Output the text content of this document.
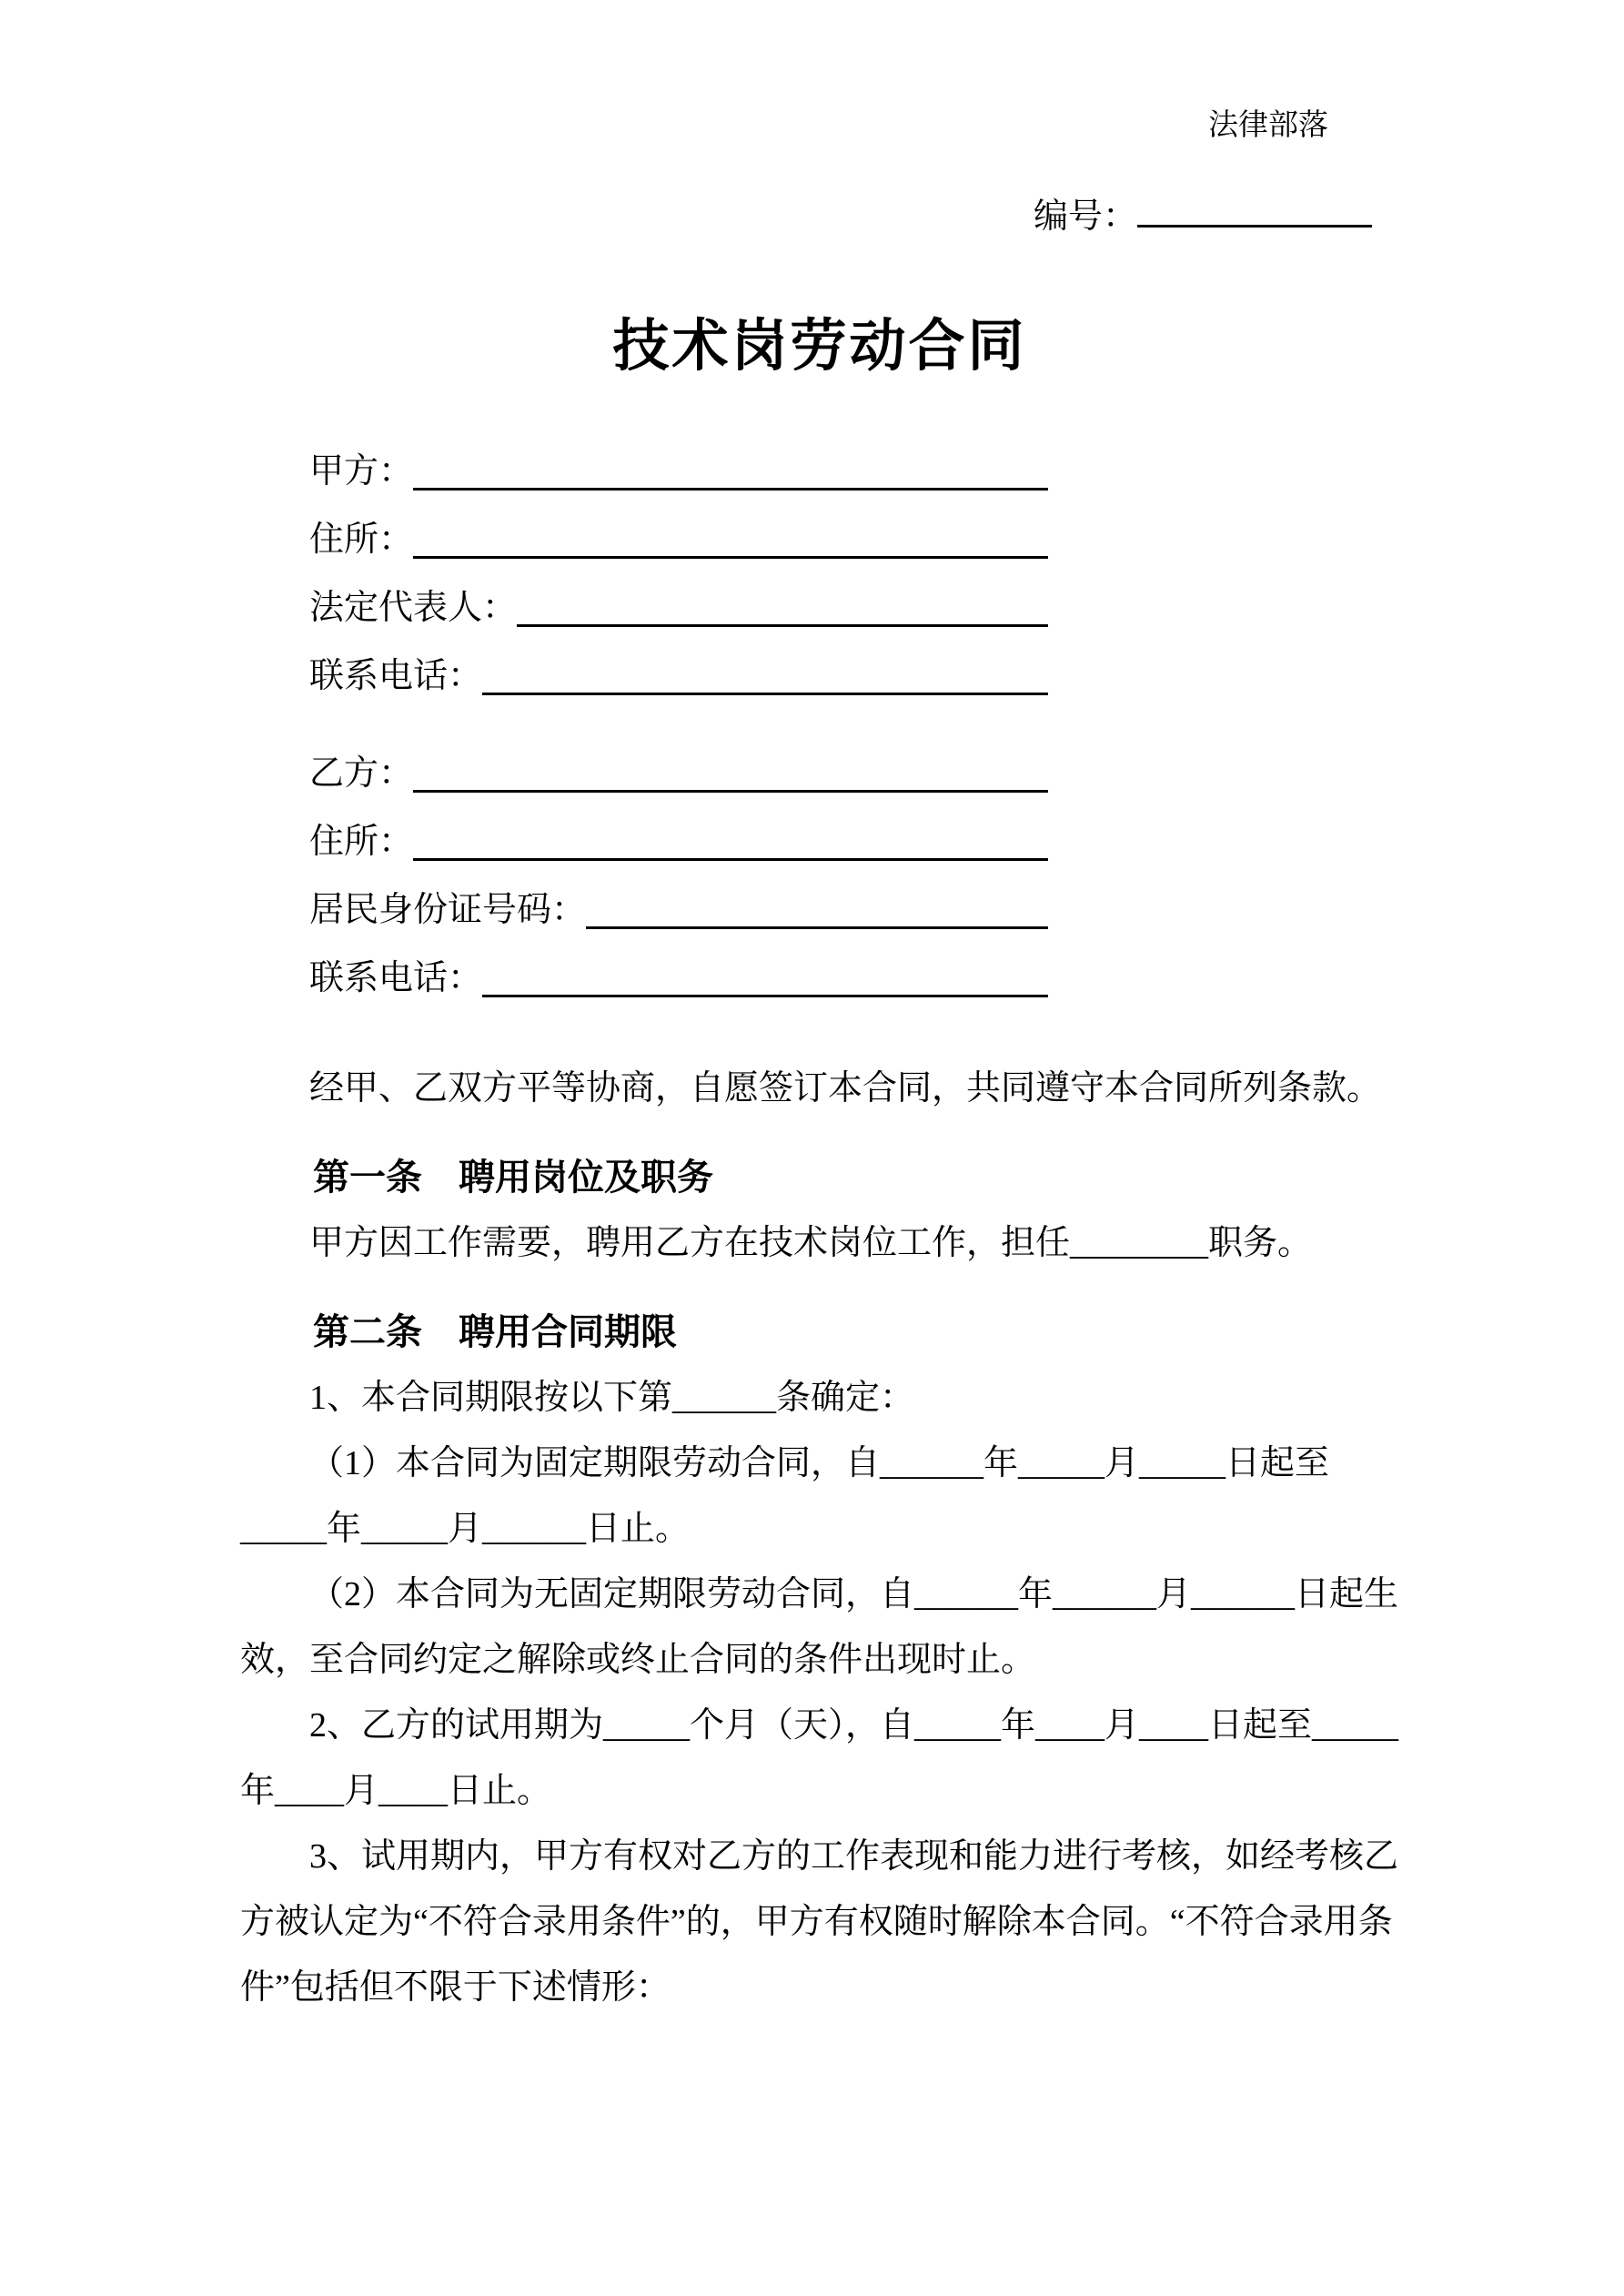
法律部落
编号：
技术岗劳动合同
甲方：
住所：
法定代表人：
联系电话：
乙方：
住所：
居民身份证号码：
联系电话：

经甲、乙双方平等协商，自愿签订本合同，共同遵守本合同所列条款。

第一条　聘用岗位及职务

甲方因工作需要，聘用乙方在技术岗位工作，担任________职务。

第二条　聘用合同期限

1、本合同期限按以下第______条确定：

（1）本合同为固定期限劳动合同，自______年_____月_____日起至_____年_____月______日止。

（2）本合同为无固定期限劳动合同，自______年______月______日起生效，至合同约定之解除或终止合同的条件出现时止。

2、乙方的试用期为_____个月（天），自_____年____月____日起至_____年____月____日止。

3、试用期内，甲方有权对乙方的工作表现和能力进行考核，如经考核乙方被认定为“不符合录用条件”的，甲方有权随时解除本合同。“不符合录用条件”包括但不限于下述情形：
